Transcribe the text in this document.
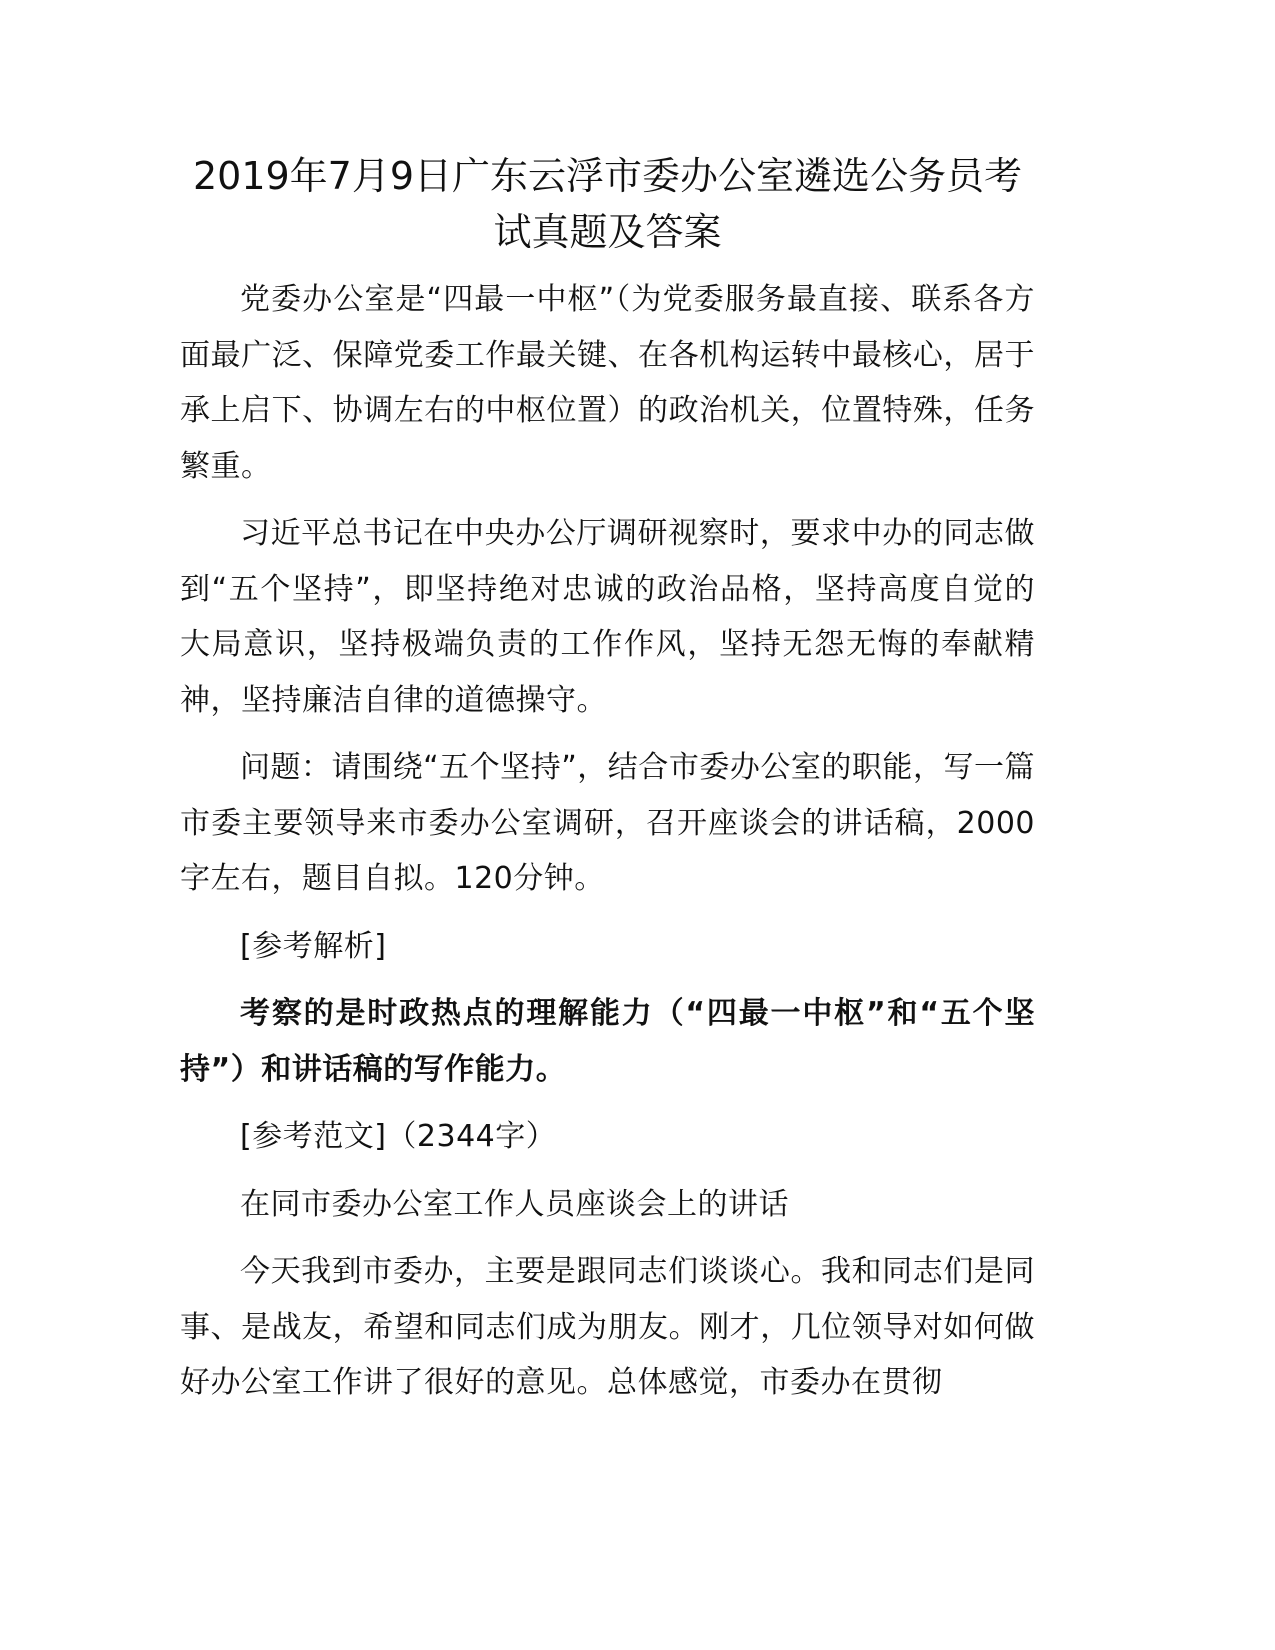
2019年7月9日广东云浮市委办公室遴选公务员考试真题及答案

党委办公室是“四最一中枢”（为党委服务最直接、联系各方面最广泛、保障党委工作最关键、在各机构运转中最核心，居于承上启下、协调左右的中枢位置）的政治机关，位置特殊，任务繁重。

习近平总书记在中央办公厅调研视察时，要求中办的同志做到“五个坚持”，即坚持绝对忠诚的政治品格，坚持高度自觉的大局意识，坚持极端负责的工作作风，坚持无怨无悔的奉献精神，坚持廉洁自律的道德操守。

问题：请围绕“五个坚持”，结合市委办公室的职能，写一篇市委主要领导来市委办公室调研，召开座谈会的讲话稿，2000字左右，题目自拟。120分钟。

[参考解析]

考察的是时政热点的理解能力（“四最一中枢”和“五个坚持”）和讲话稿的写作能力。

[参考范文]（2344字）

在同市委办公室工作人员座谈会上的讲话

今天我到市委办，主要是跟同志们谈谈心。我和同志们是同事、是战友，希望和同志们成为朋友。刚才，几位领导对如何做好办公室工作讲了很好的意见。总体感觉，市委办在贯彻
